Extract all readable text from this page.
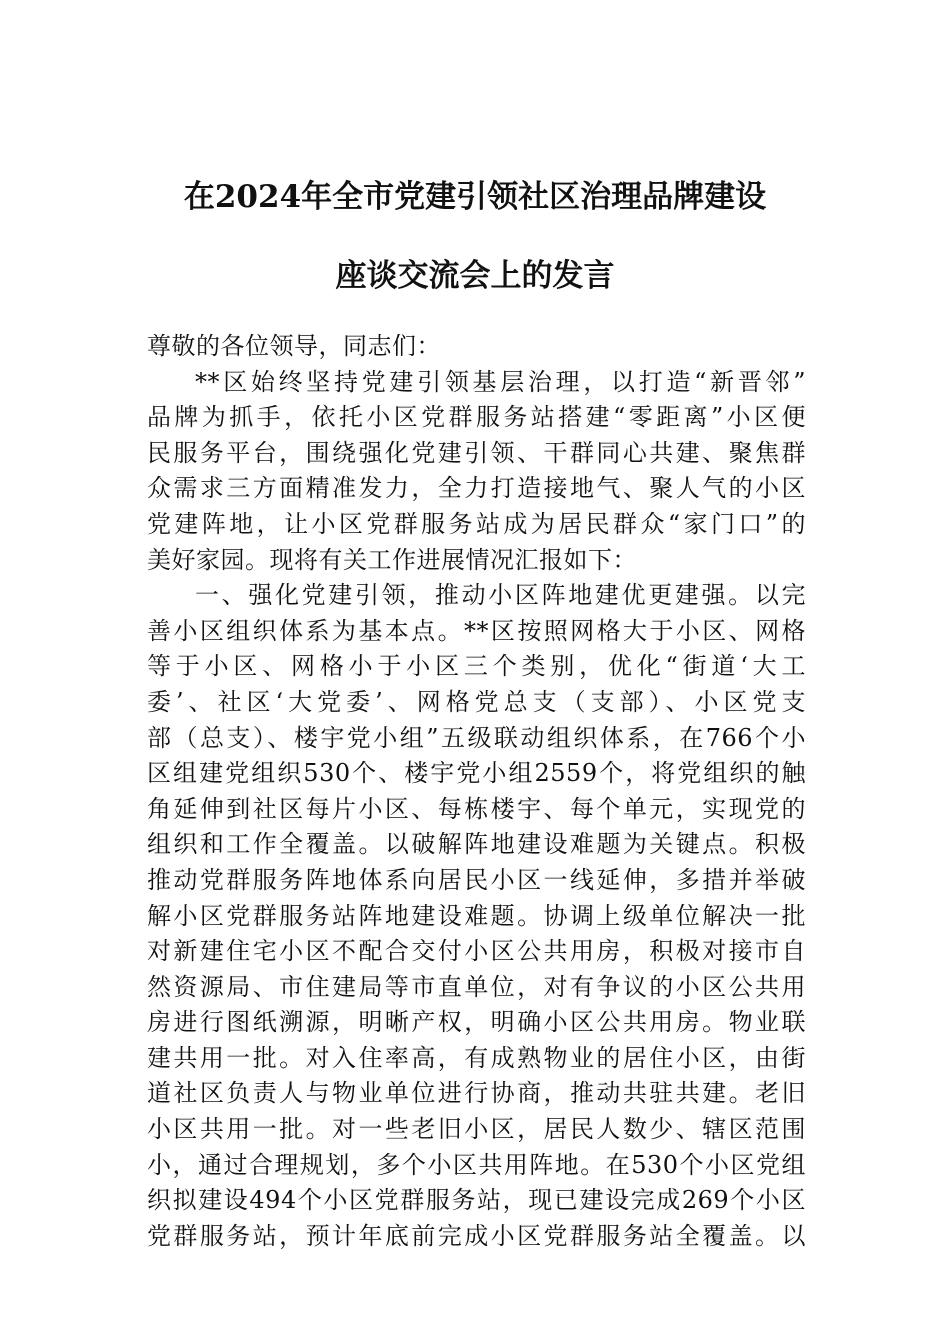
在2024年全市党建引领社区治理品牌建设
座谈交流会上的发言
尊敬的各位领导，同志们：
**区始终坚持党建引领基层治理，以打造“新晋邻”
品牌为抓手，依托小区党群服务站搭建“零距离”小区便
民服务平台，围绕强化党建引领、干群同心共建、聚焦群
众需求三方面精准发力，全力打造接地气、聚人气的小区
党建阵地，让小区党群服务站成为居民群众“家门口”的
美好家园。现将有关工作进展情况汇报如下：
一、强化党建引领，推动小区阵地建优更建强。以完
善小区组织体系为基本点。**区按照网格大于小区、网格
等于小区、网格小于小区三个类别，优化“街道‘大工
委’、社区‘大党委’、网格党总支（支部）、小区党支
部（总支）、楼宇党小组”五级联动组织体系，在766个小
区组建党组织530个、楼宇党小组2559个，将党组织的触
角延伸到社区每片小区、每栋楼宇、每个单元，实现党的
组织和工作全覆盖。以破解阵地建设难题为关键点。积极
推动党群服务阵地体系向居民小区一线延伸，多措并举破
解小区党群服务站阵地建设难题。协调上级单位解决一批
对新建住宅小区不配合交付小区公共用房，积极对接市自
然资源局、市住建局等市直单位，对有争议的小区公共用
房进行图纸溯源，明晰产权，明确小区公共用房。物业联
建共用一批。对入住率高，有成熟物业的居住小区，由街
道社区负责人与物业单位进行协商，推动共驻共建。老旧
小区共用一批。对一些老旧小区，居民人数少、辖区范围
小，通过合理规划，多个小区共用阵地。在530个小区党组
织拟建设494个小区党群服务站，现已建设完成269个小区
党群服务站，预计年底前完成小区党群服务站全覆盖。以
